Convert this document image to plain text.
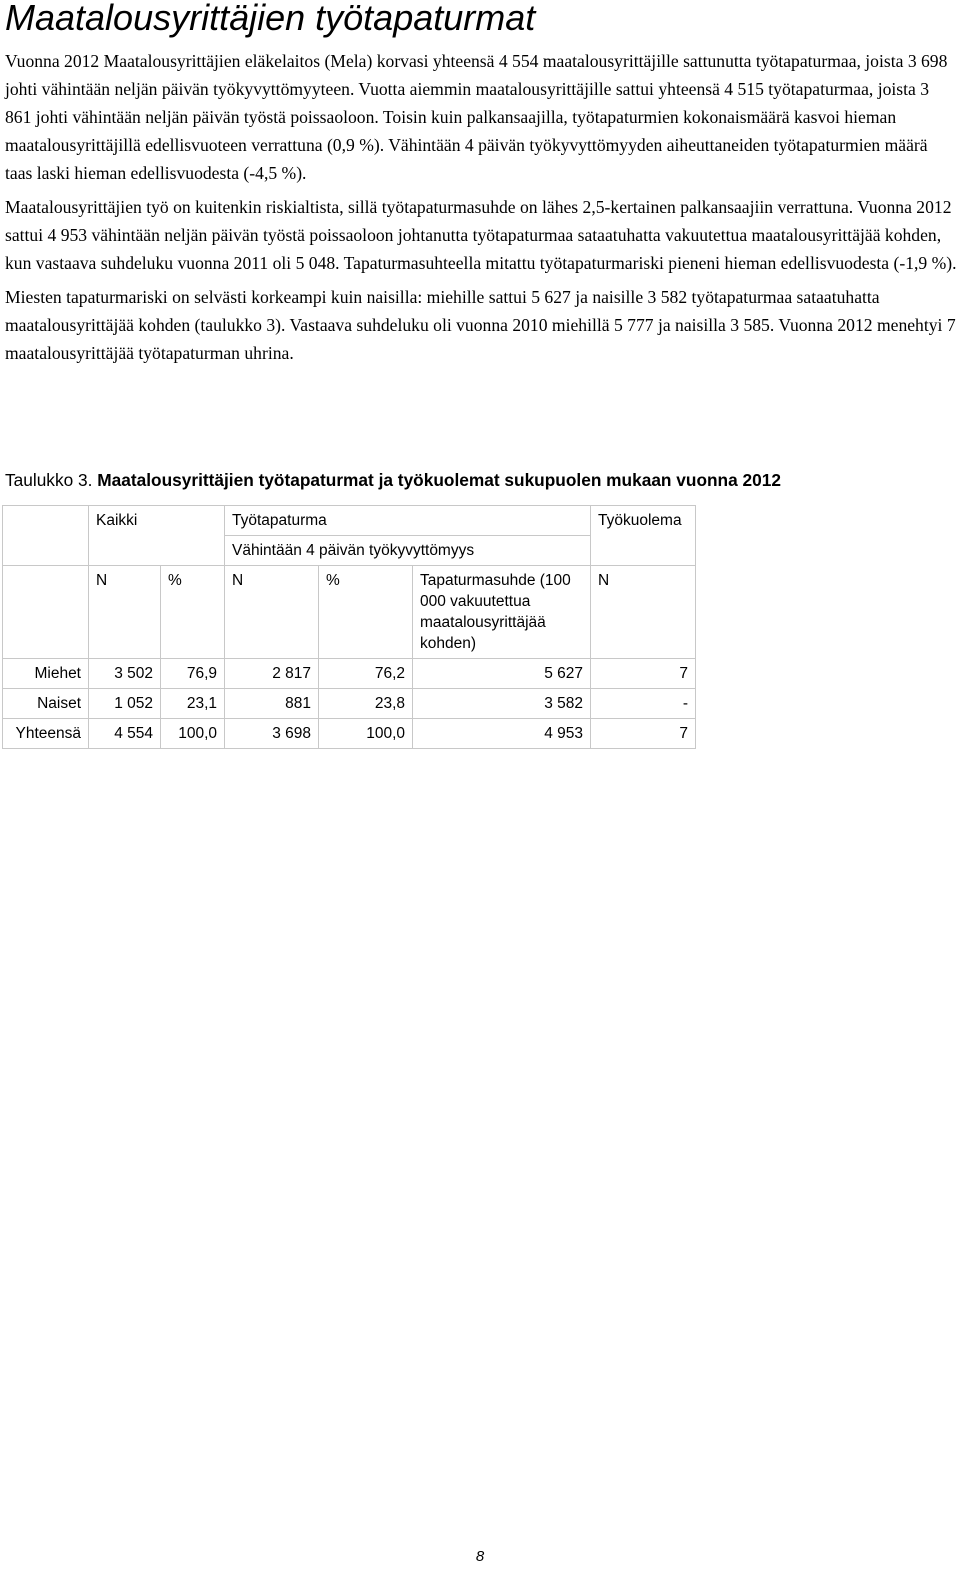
Maatalousyrittäjien työtapaturmat

Vuonna 2012 Maatalousyrittäjien eläkelaitos (Mela) korvasi yhteensä 4 554 maatalousyrittäjille sattunutta työtapaturmaa, joista 3 698 johti vähintään neljän päivän työkyvyttömyyteen. Vuotta aiemmin maatalousyrittäjille sattui yhteensä 4 515 työtapaturmaa, joista 3 861 johti vähintään neljän päivän työstä poissaoloon. Toisin kuin palkansaajilla, työtapaturmien kokonaismäärä kasvoi hieman maatalousyrittäjillä edellisvuoteen verrattuna (0,9 %). Vähintään 4 päivän työkyvyttömyyden aiheuttaneiden työtapaturmien määrä taas laski hieman edellisvuodesta (-4,5 %).

Maatalousyrittäjien työ on kuitenkin riskialtista, sillä työtapaturmasuhde on lähes 2,5-kertainen palkansaajiin verrattuna. Vuonna 2012 sattui 4 953 vähintään neljän päivän työstä poissaoloon johtanutta työtapaturmaa sataatuhatta vakuutettua maatalousyrittäjää kohden, kun vastaava suhdeluku vuonna 2011 oli 5 048. Tapaturmasuhteella mitattu työtapaturmariski pieneni hieman edellisvuodesta (-1,9 %).

Miesten tapaturmariski on selvästi korkeampi kuin naisilla: miehille sattui 5 627 ja naisille 3 582 työtapaturmaa sataatuhatta maatalousyrittäjää kohden (taulukko 3). Vastaava suhdeluku oli vuonna 2010 miehillä 5 777 ja naisilla 3 585. Vuonna 2012 menehtyi 7 maatalousyrittäjää työtapaturman uhrina.

Taulukko 3. Maatalousyrittäjien työtapaturmat ja työkuolemat sukupuolen mukaan vuonna 2012

	Kaikki		Työtapaturma			Työkuolema
			Vähintään 4 päivän työkyvyttömyys			
	N	%	N	%	Tapaturmasuhde (100 000 vakuutettua maatalousyrittäjää kohden)	N
Miehet	3 502	76,9	2 817	76,2	5 627	7
Naiset	1 052	23,1	881	23,8	3 582	-
Yhteensä	4 554	100,0	3 698	100,0	4 953	7
8
